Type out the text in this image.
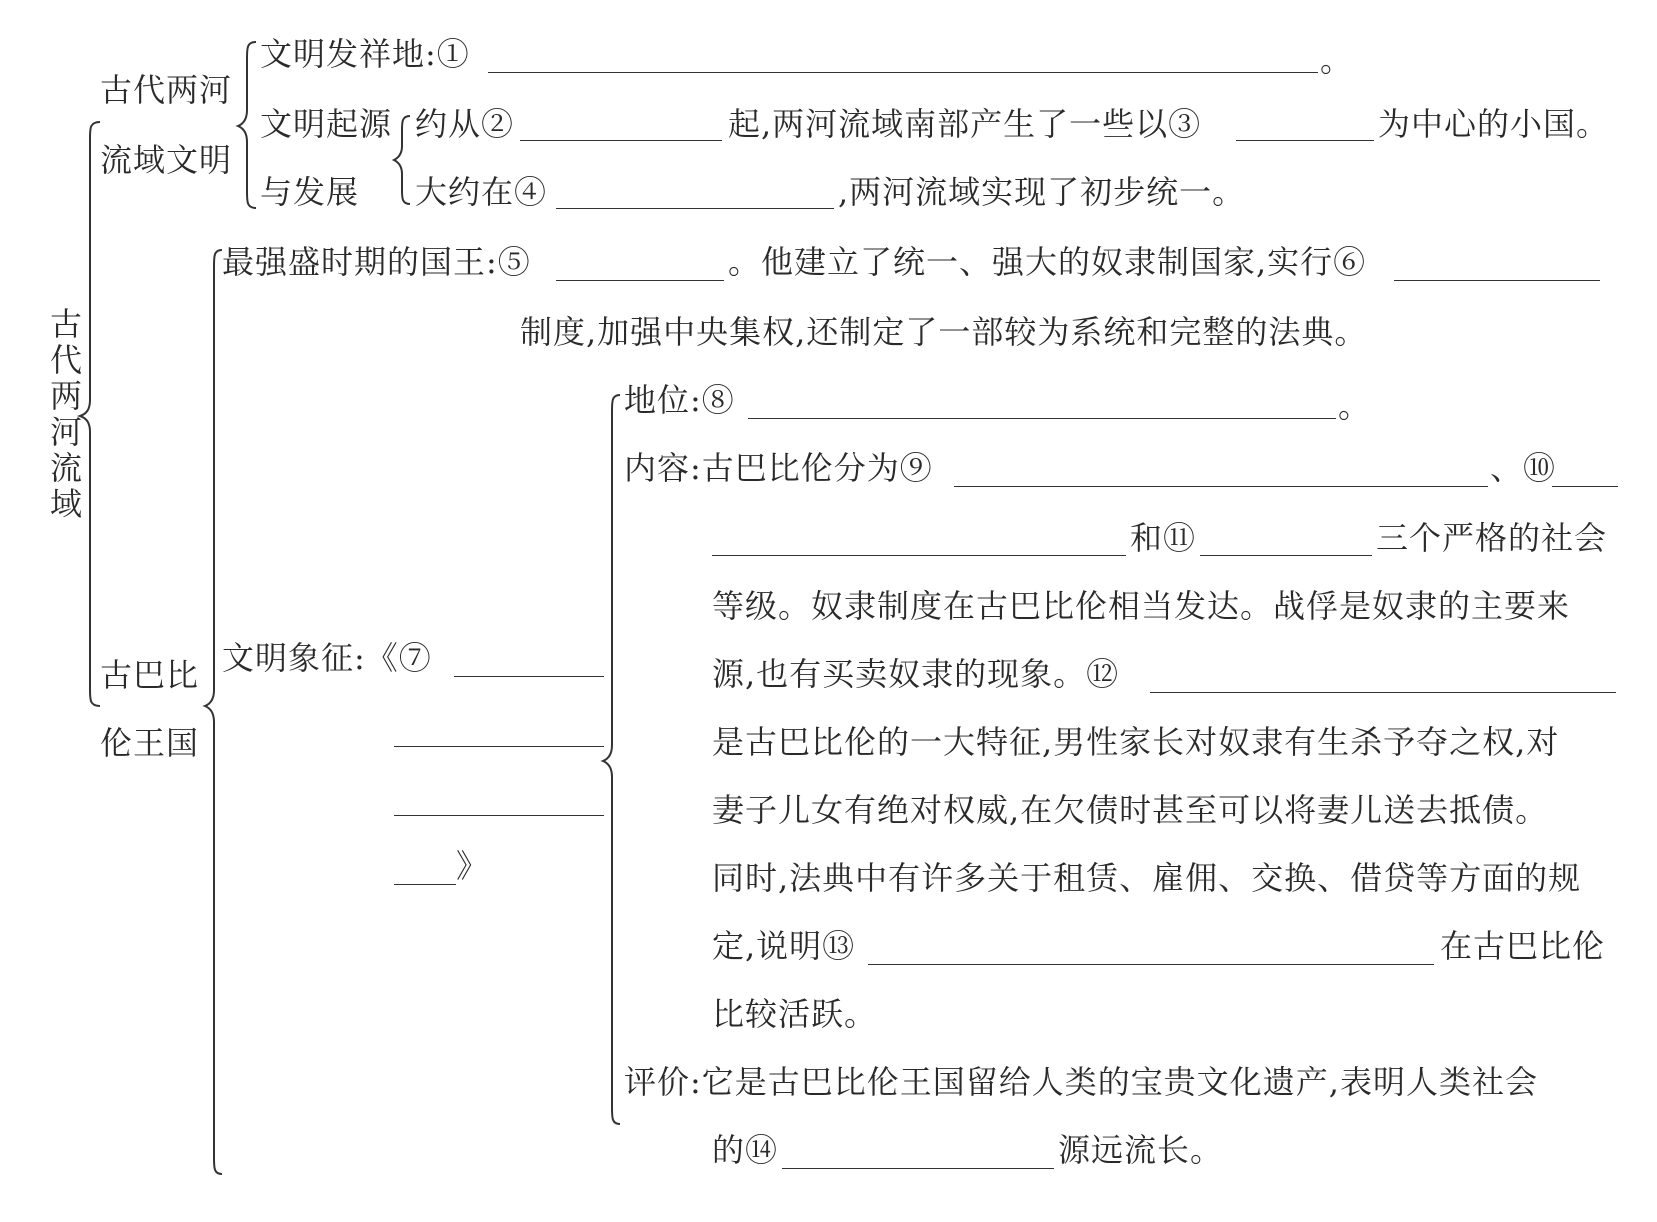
古代两河流域
古代两河
流域文明
文明发祥地:①	。
文明起源
与发展
约从②	起,两河流域南部产生了一些以③	为中心的小国。
大约在④	,两河流域实现了初步统一。
古巴比
伦王国
最强盛时期的国王:⑤	。他建立了统一、强大的奴隶制国家,实行⑥
制度,加强中央集权,还制定了一部较为系统和完整的法典。
文明象征:《⑦
》
地位:⑧	。
内容:古巴比伦分为⑨	、⑩
和⑪	三个严格的社会
等级。奴隶制度在古巴比伦相当发达。战俘是奴隶的主要来
源,也有买卖奴隶的现象。⑫
是古巴比伦的一大特征,男性家长对奴隶有生杀予夺之权,对
妻子儿女有绝对权威,在欠债时甚至可以将妻儿送去抵债。
同时,法典中有许多关于租赁、雇佣、交换、借贷等方面的规
定,说明⑬	在古巴比伦
比较活跃。
评价:它是古巴比伦王国留给人类的宝贵文化遗产,表明人类社会
的⑭	源远流长。
